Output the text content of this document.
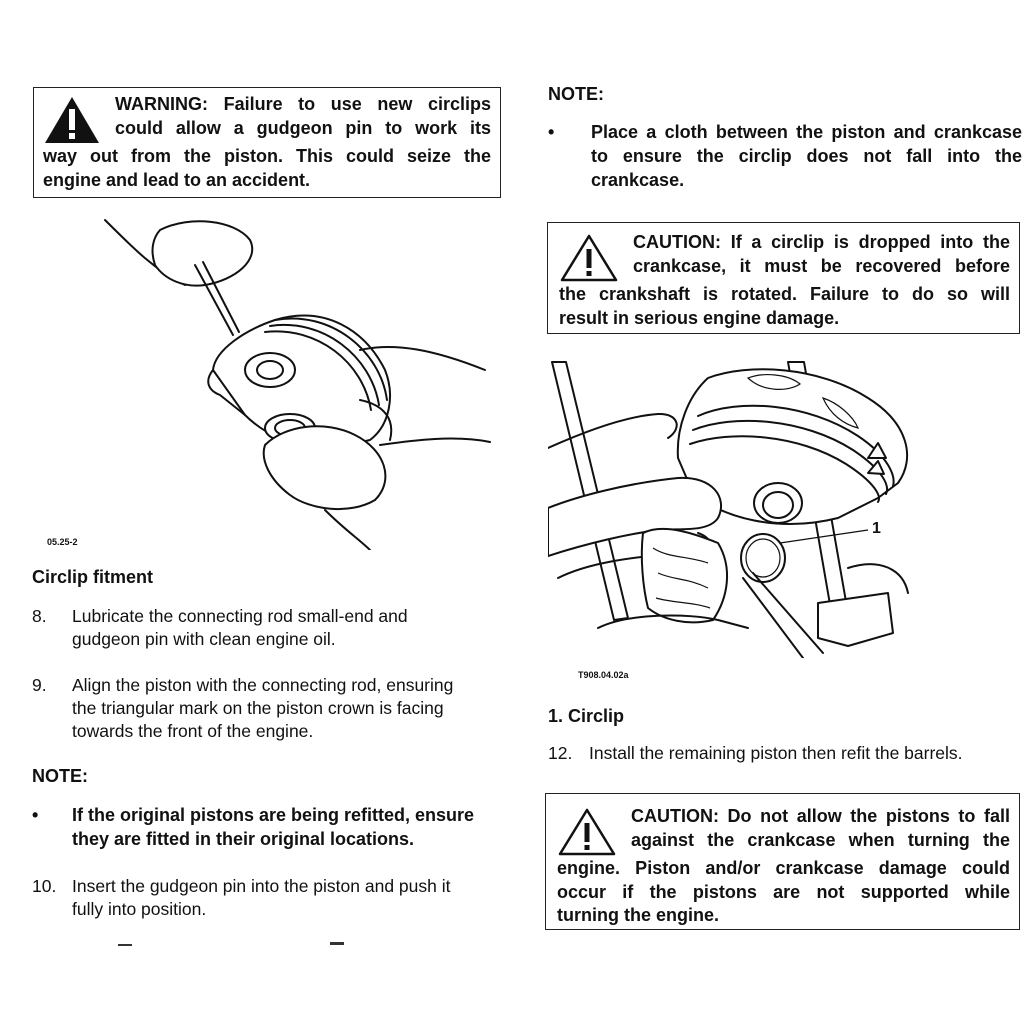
WARNING: Failure to use new circlips
could allow a gudgeon pin to work its
way out from the piston. This could seize the
engine and lead to an accident.
05.25-2
Circlip fitment
8. Lubricate the connecting rod small-end and
gudgeon pin with clean engine oil.
9. Align the piston with the connecting rod, ensuring
the triangular mark on the piston crown is facing
towards the front of the engine.
NOTE:
• If the original pistons are being refitted, ensure
they are fitted in their original locations.
10. Insert the gudgeon pin into the piston and push it
fully into position.
NOTE:
• Place a cloth between the piston and crankcase
to ensure the circlip does not fall into the
crankcase.
CAUTION: If a circlip is dropped into the
crankcase, it must be recovered before
the crankshaft is rotated. Failure to do so will
result in serious engine damage.
1
T908.04.02a
1. Circlip
12. Install the remaining piston then refit the barrels.
CAUTION: Do not allow the pistons to fall
against the crankcase when turning the
engine. Piston and/or crankcase damage could
occur if the pistons are not supported while
turning the engine.
